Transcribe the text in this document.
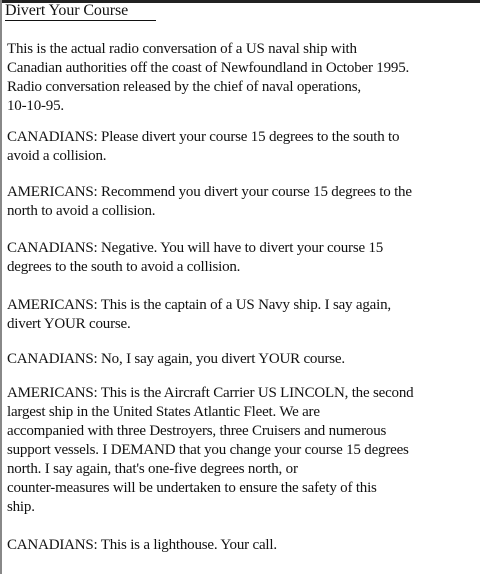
Divert Your Course
This is the actual radio conversation of a US naval ship with
Canadian authorities off the coast of Newfoundland in October 1995.
Radio conversation released by the chief of naval operations,
10-10-95.
CANADIANS: Please divert your course 15 degrees to the south to
avoid a collision.
AMERICANS: Recommend you divert your course 15 degrees to the
north to avoid a collision.
CANADIANS: Negative. You will have to divert your course 15
degrees to the south to avoid a collision.
AMERICANS: This is the captain of a US Navy ship. I say again,
divert YOUR course.
CANADIANS: No, I say again, you divert YOUR course.
AMERICANS: This is the Aircraft Carrier US LINCOLN, the second
largest ship in the United States Atlantic Fleet. We are
accompanied with three Destroyers, three Cruisers and numerous
support vessels. I DEMAND that you change your course 15 degrees
north. I say again, that's one-five degrees north, or
counter-measures will be undertaken to ensure the safety of this
ship.
CANADIANS: This is a lighthouse. Your call.
